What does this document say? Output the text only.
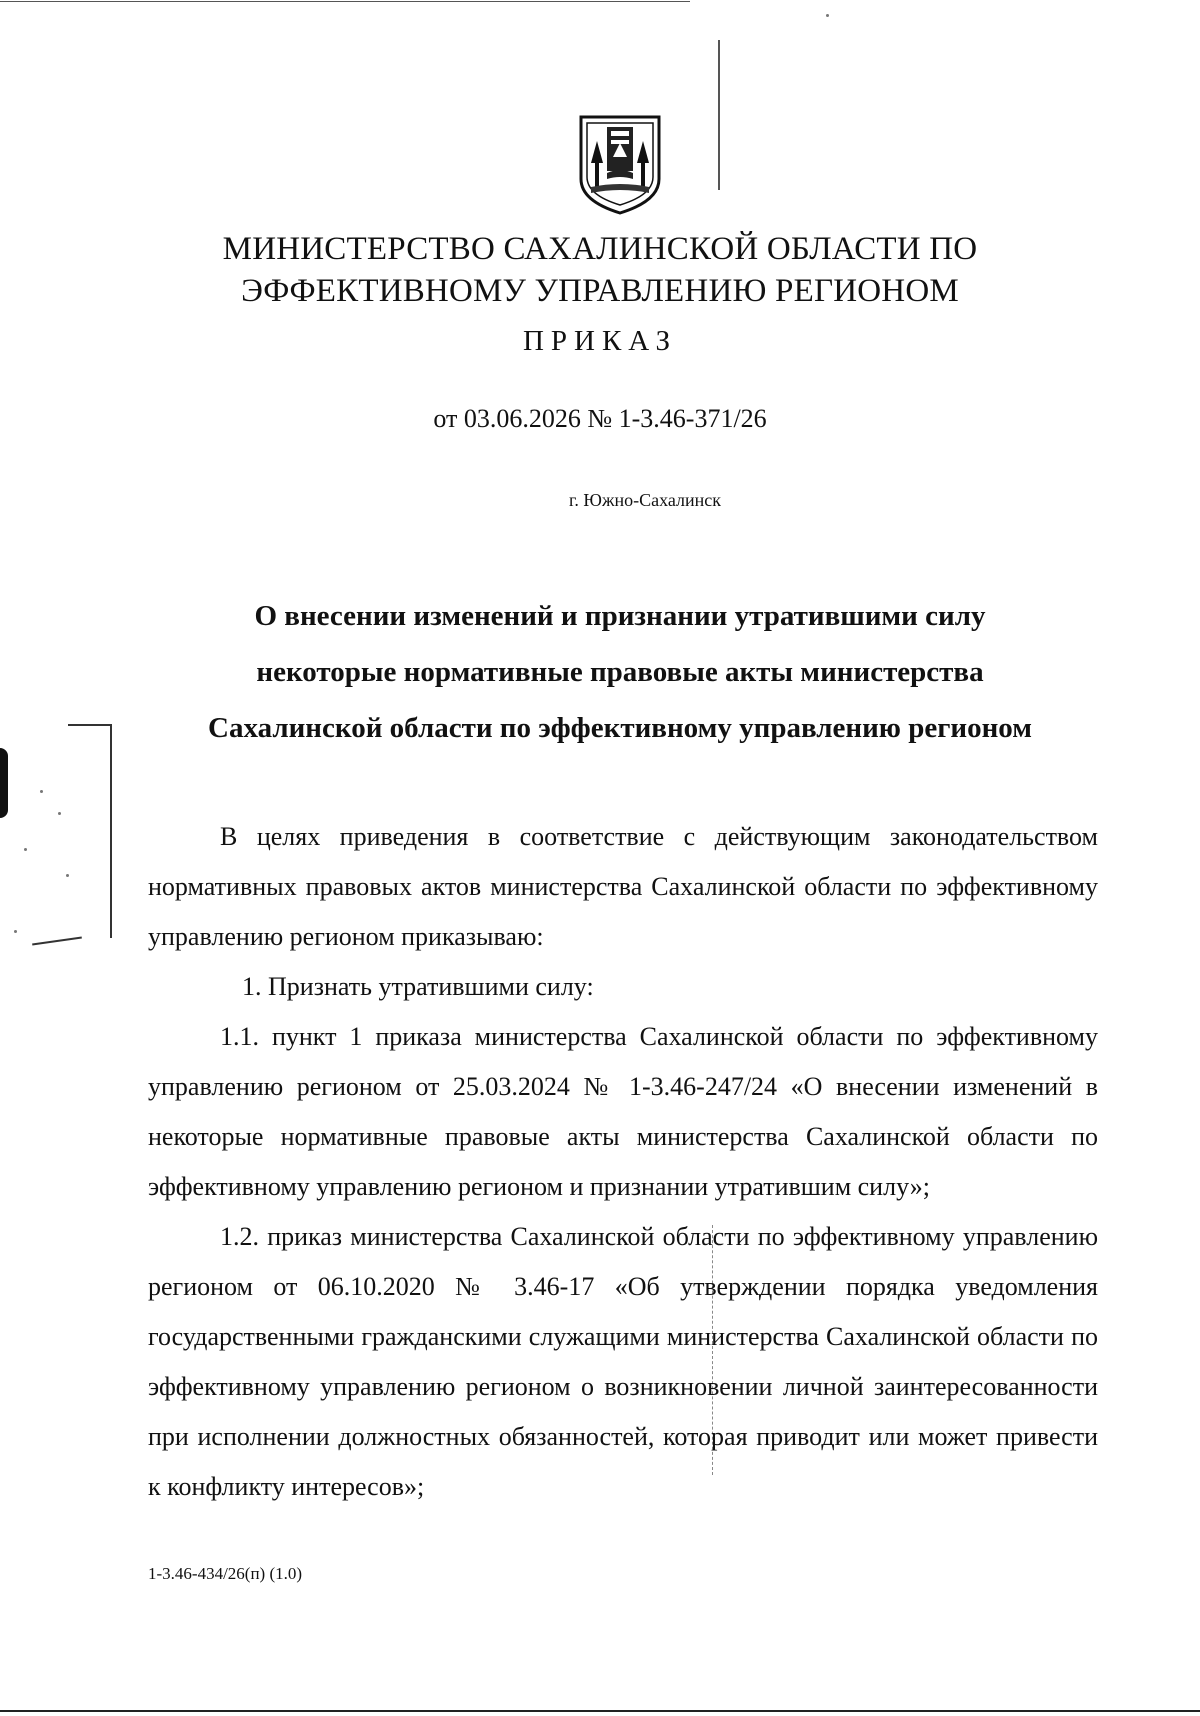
МИНИСТЕРСТВО САХАЛИНСКОЙ ОБЛАСТИ ПО
ЭФФЕКТИВНОМУ УПРАВЛЕНИЮ РЕГИОНОМ
ПРИКАЗ
от 03.06.2026 № 1-3.46-371/26
г. Южно-Сахалинск
О внесении изменений и признании утратившими силу
некоторые нормативные правовые акты министерства
Сахалинской области по эффективному управлению регионом

В целях приведения в соответствие с действующим законодательством нормативных правовых актов министерства Сахалинской области по эффективному управлению регионом приказываю:

1. Признать утратившими силу:

1.1. пункт 1 приказа министерства Сахалинской области по эффективному управлению регионом от 25.03.2024 № 1-3.46-247/24 «О внесении изменений в некоторые нормативные правовые акты министерства Сахалинской области по эффективному управлению регионом и признании утратившим силу»;

1.2. приказ министерства Сахалинской области по эффективному управлению регионом от 06.10.2020 № 3.46-17 «Об утверждении порядка уведомления государственными гражданскими служащими министерства Сахалинской области по эффективному управлению регионом о возникновении личной заинтересованности при исполнении должностных обязанностей, которая приводит или может привести к конфликту интересов»;

1-3.46-434/26(п) (1.0)
